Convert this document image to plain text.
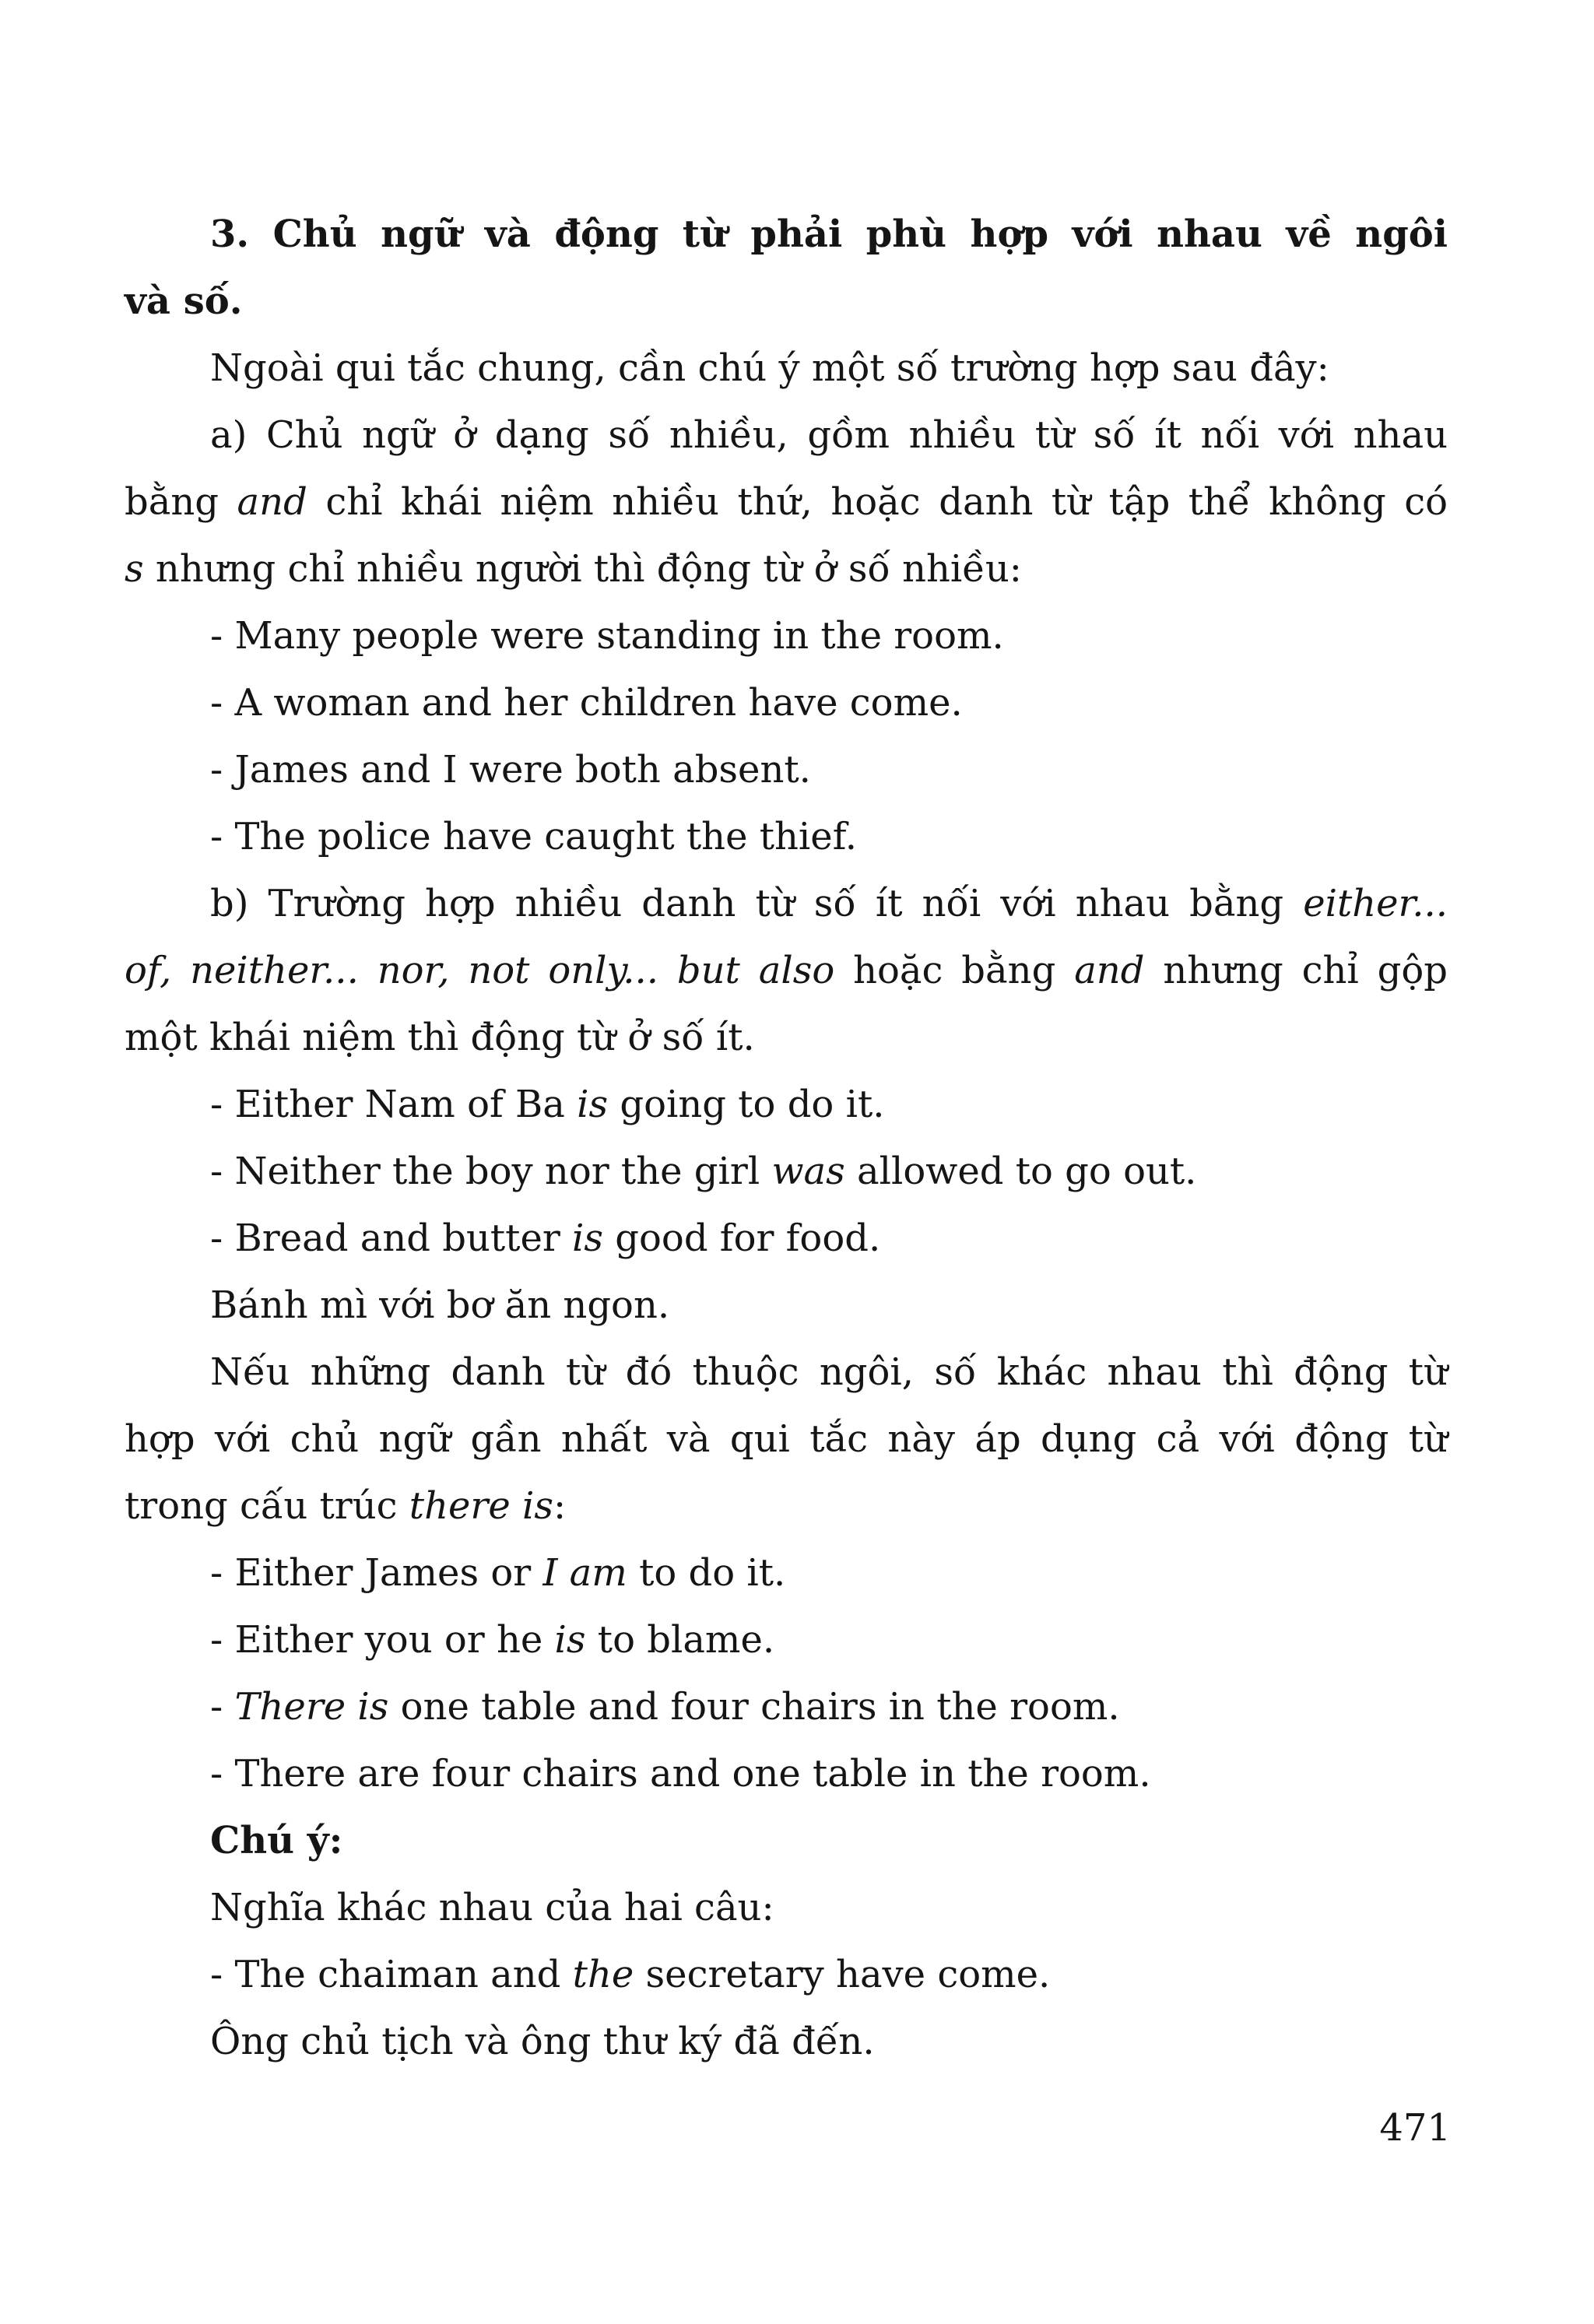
3. Chủ ngữ và động từ phải phù hợp với nhau về ngôi

và số.

Ngoài qui tắc chung, cần chú ý một số trường hợp sau đây:

a) Chủ ngữ ở dạng số nhiều, gồm nhiều từ số ít nối với nhau

bằng and chỉ khái niệm nhiều thứ, hoặc danh từ tập thể không có

s nhưng chỉ nhiều người thì động từ ở số nhiều:

- Many people were standing in the room.

- A woman and her children have come.

- James and I were both absent.

- The police have caught the thief.

b) Trường hợp nhiều danh từ số ít nối với nhau bằng either...

of, neither... nor, not only... but also hoặc bằng and nhưng chỉ gộp

một khái niệm thì động từ ở số ít.

- Either Nam of Ba is going to do it.

- Neither the boy nor the girl was allowed to go out.

- Bread and butter is good for food.

Bánh mì với bơ ăn ngon.

Nếu những danh từ đó thuộc ngôi, số khác nhau thì động từ

hợp với chủ ngữ gần nhất và qui tắc này áp dụng cả với động từ

trong cấu trúc there is:

- Either James or I am to do it.

- Either you or he is to blame.

- There is one table and four chairs in the room.

- There are four chairs and one table in the room.

Chú ý:

Nghĩa khác nhau của hai câu:

- The chaiman and the secretary have come.

Ông chủ tịch và ông thư ký đã đến.

471
